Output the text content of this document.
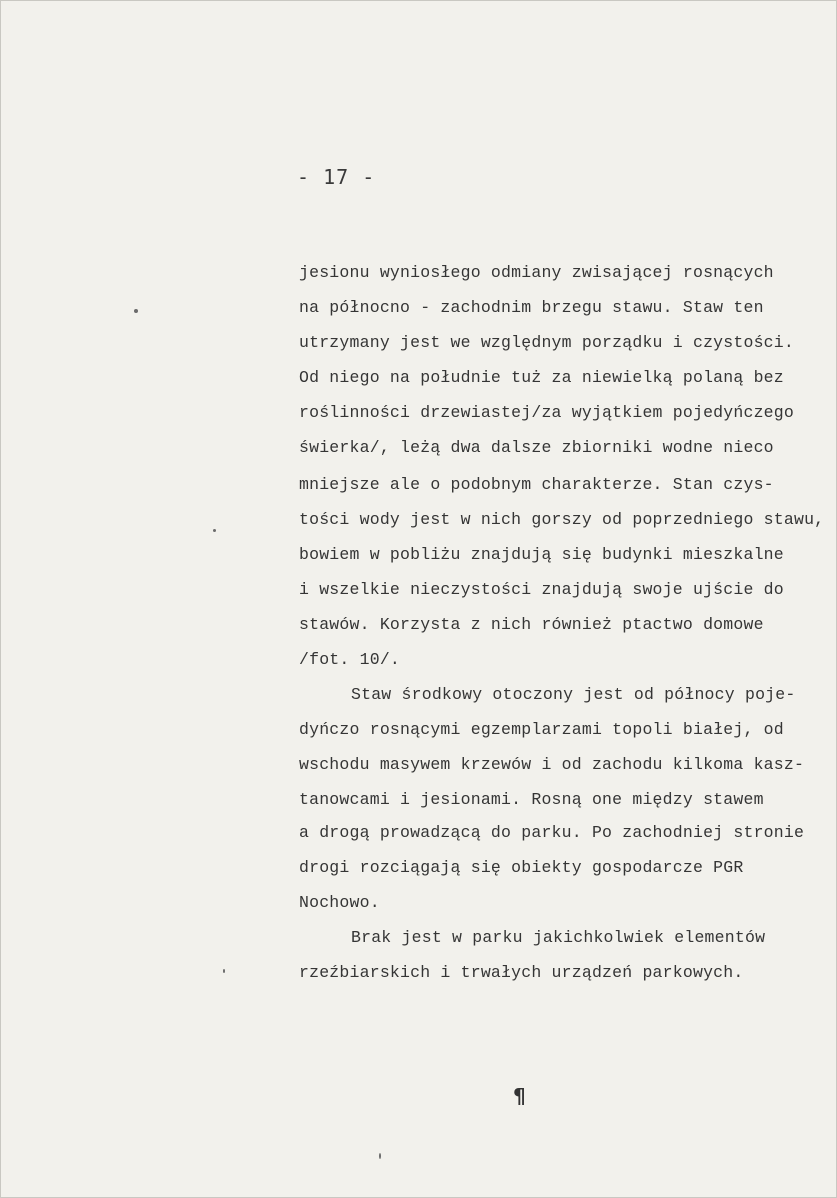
- 17 -
jesionu wyniosłego odmiany zwisającej rosnących
na północno - zachodnim brzegu stawu. Staw ten
utrzymany jest we względnym porządku i czystości.
Od niego na południe tuż za niewielką polaną bez
roślinności drzewiastej/za wyjątkiem pojedyńczego
świerka/, leżą dwa dalsze zbiorniki wodne nieco
mniejsze ale o podobnym charakterze. Stan czys-
tości wody jest w nich gorszy od poprzedniego stawu,
bowiem w pobliżu znajdują się budynki mieszkalne
i wszelkie nieczystości znajdują swoje ujście do
stawów. Korzysta z nich również ptactwo domowe
/fot. 10/.
Staw środkowy otoczony jest od północy poje-
dyńczo rosnącymi egzemplarzami topoli białej, od
wschodu masywem krzewów i od zachodu kilkoma kasz-
tanowcami i jesionami. Rosną one między stawem
a drogą prowadzącą do parku. Po zachodniej stronie
drogi rozciągają się obiekty gospodarcze PGR
Nochowo.
Brak jest w parku jakichkolwiek elementów
rzeźbiarskich i trwałych urządzeń parkowych.
¶
